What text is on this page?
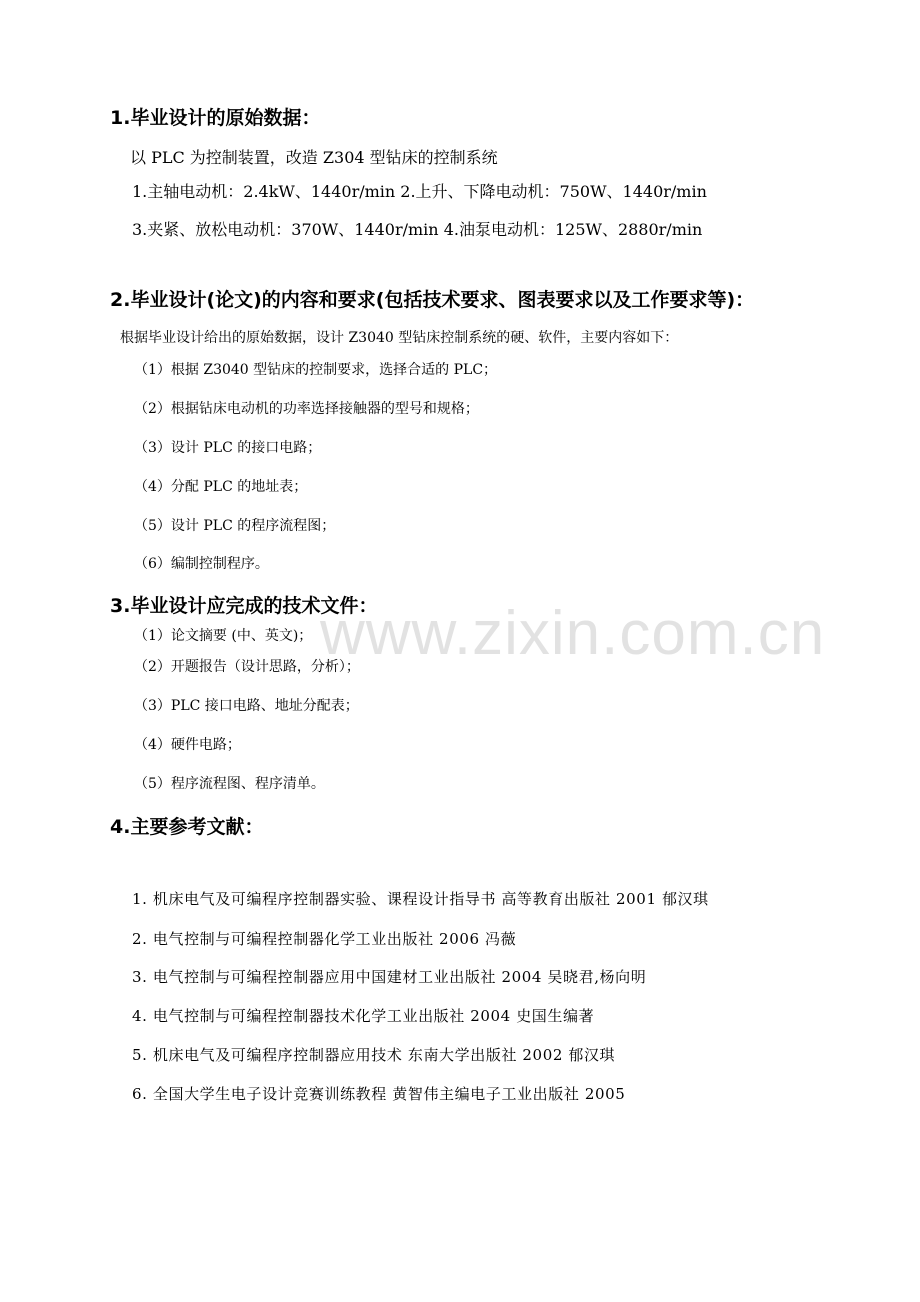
1.毕业设计的原始数据：
以 PLC 为控制装置，改造 Z304 型钻床的控制系统
1.主轴电动机：2.4kW、1440r/min 2.上升、下降电动机：750W、1440r/min
3.夹紧、放松电动机：370W、1440r/min 4.油泵电动机：125W、2880r/min
2.毕业设计(论文)的内容和要求(包括技术要求、图表要求以及工作要求等)：
根据毕业设计给出的原始数据，设计 Z3040 型钻床控制系统的硬、软件，主要内容如下：
（1）根据 Z3040 型钻床的控制要求，选择合适的 PLC；
（2）根据钻床电动机的功率选择接触器的型号和规格；
（3）设计 PLC 的接口电路；
（4）分配 PLC 的地址表；
（5）设计 PLC 的程序流程图；
（6）编制控制程序。
3.毕业设计应完成的技术文件：
（1）论文摘要 (中、英文)；
（2）开题报告（设计思路，分析）；
（3）PLC 接口电路、地址分配表；
（4）硬件电路；
（5）程序流程图、程序清单。
4.主要参考文献：
1. 机床电气及可编程序控制器实验、课程设计指导书 高等教育出版社 2001 郁汉琪
2. 电气控制与可编程控制器化学工业出版社 2006 冯薇
3. 电气控制与可编程控制器应用中国建材工业出版社 2004 吴晓君,杨向明
4. 电气控制与可编程控制器技术化学工业出版社 2004 史国生编著
5. 机床电气及可编程序控制器应用技术 东南大学出版社 2002 郁汉琪
6. 全国大学生电子设计竞赛训练教程 黄智伟主编电子工业出版社 2005
www.zixin.com.cn
